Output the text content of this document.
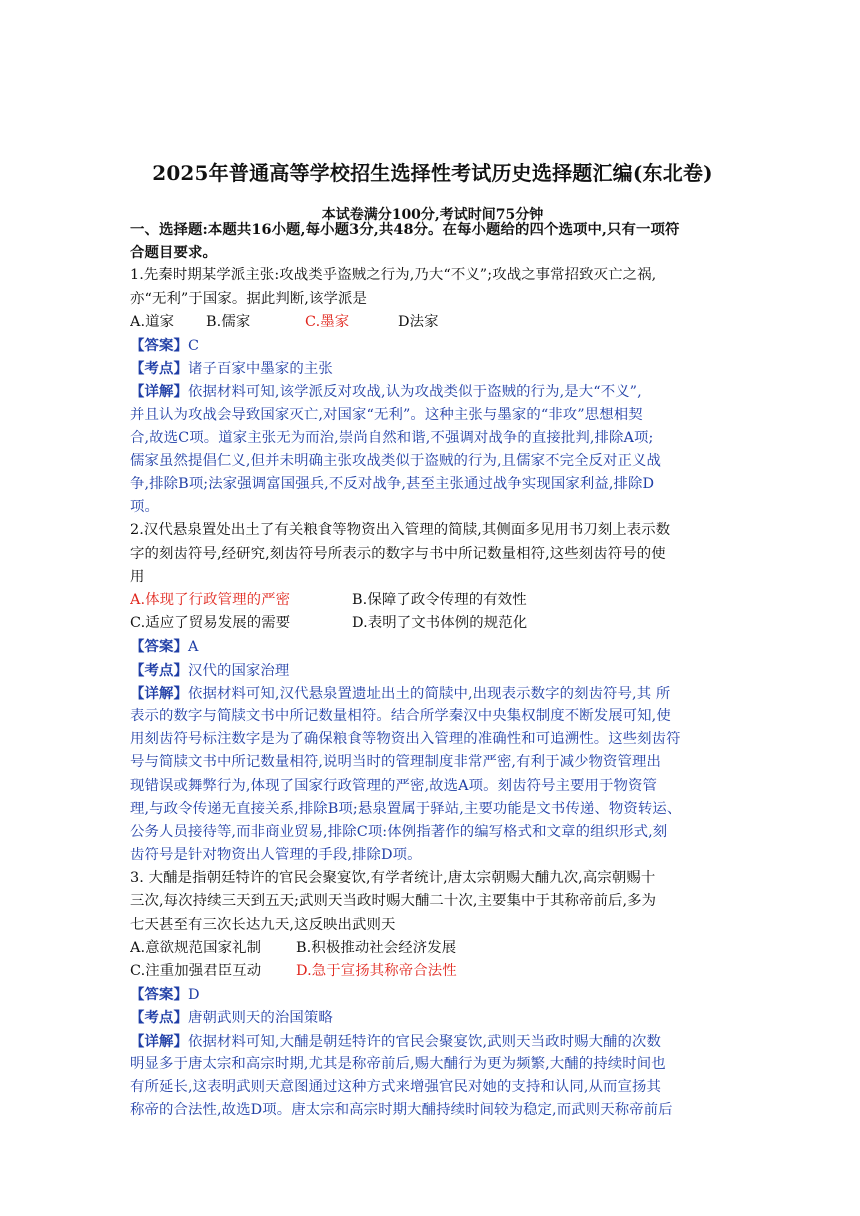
2025年普通高等学校招生选择性考试历史选择题汇编(东北卷)
本试卷满分100分,考试时间75分钟
一、选择题:本题共16小题,每小题3分,共48分。在每小题给的四个选项中,只有一项符
合题目要求。
1.先秦时期某学派主张:攻战类乎盗贼之行为,乃大“不义”;攻战之事常招致灭亡之祸,
亦“无利”于国家。据此判断,该学派是
A.道家 B.儒家	C.墨家	D法家
【答案】C
【考点】诸子百家中墨家的主张
【详解】依据材料可知,该学派反对攻战,认为攻战类似于盗贼的行为,是大“不义”,
并且认为攻战会导致国家灭亡,对国家“无利”。这种主张与墨家的“非攻”思想相契
合,故选C项。道家主张无为而治,崇尚自然和谐,不强调对战争的直接批判,排除A项;
儒家虽然提倡仁义,但并未明确主张攻战类似于盗贼的行为,且儒家不完全反对正义战
争,排除B项;法家强调富国强兵,不反对战争,甚至主张通过战争实现国家利益,排除D
项。
2.汉代悬泉置处出土了有关粮食等物资出入管理的简牍,其侧面多见用书刀刻上表示数
字的刻齿符号,经研究,刻齿符号所表示的数字与书中所记数量相符,这些刻齿符号的使
用
A.体现了行政管理的严密	B.保障了政令传理的有效性
C.适应了贸易发展的需要	D.表明了文书体例的规范化
【答案】A
【考点】汉代的国家治理
【详解】依据材料可知,汉代悬泉置遗址出土的简牍中,出现表示数字的刻齿符号,其 所
表示的数字与简牍文书中所记数量相符。结合所学秦汉中央集权制度不断发展可知,使
用刻齿符号标注数字是为了确保粮食等物资出入管理的准确性和可追溯性。这些刻齿符
号与简牍文书中所记数量相符,说明当时的管理制度非常严密,有利于减少物资管理出
现错误或舞弊行为,体现了国家行政管理的严密,故选A项。刻齿符号主要用于物资管
理,与政令传递无直接关系,排除B项;悬泉置属于驿站,主要功能是文书传递、物资转运、
公务人员接待等,而非商业贸易,排除C项:体例指著作的编写格式和文章的组织形式,刻
齿符号是针对物资出人管理的手段,排除D项。
3. 大酺是指朝廷特许的官民会聚宴饮,有学者统计,唐太宗朝赐大酺九次,高宗朝赐十
三次,每次持续三天到五天;武则天当政时赐大酺二十次,主要集中于其称帝前后,多为
七天甚至有三次长达九天,这反映出武则天
A.意欲规范国家礼制 B.积极推动社会经济发展
C.注重加强君臣互动 D.急于宣扬其称帝合法性
【答案】D
【考点】唐朝武则天的治国策略
【详解】依据材料可知,大酺是朝廷特许的官民会聚宴饮,武则天当政时赐大酺的次数
明显多于唐太宗和高宗时期,尤其是称帝前后,赐大酺行为更为频繁,大酺的持续时间也
有所延长,这表明武则天意图通过这种方式来增强官民对她的支持和认同,从而宣扬其
称帝的合法性,故选D项。唐太宗和高宗时期大酺持续时间较为稳定,而武则天称帝前后
